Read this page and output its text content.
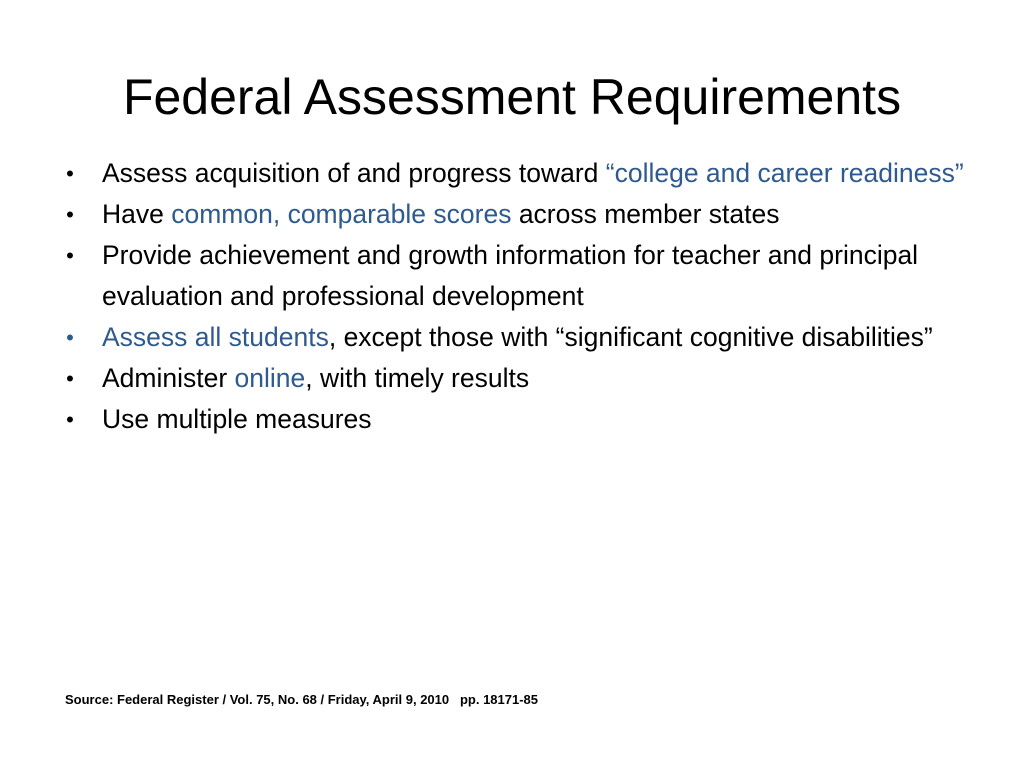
Federal Assessment Requirements
• Assess acquisition of and progress toward “college and career readiness”
• Have common, comparable scores across member states
• Provide achievement and growth information for teacher and principal evaluation and professional development
• Assess all students, except those with “significant cognitive disabilities”
• Administer online, with timely results
• Use multiple measures
Source: Federal Register / Vol. 75, No. 68 / Friday, April 9, 2010   pp. 18171-85
